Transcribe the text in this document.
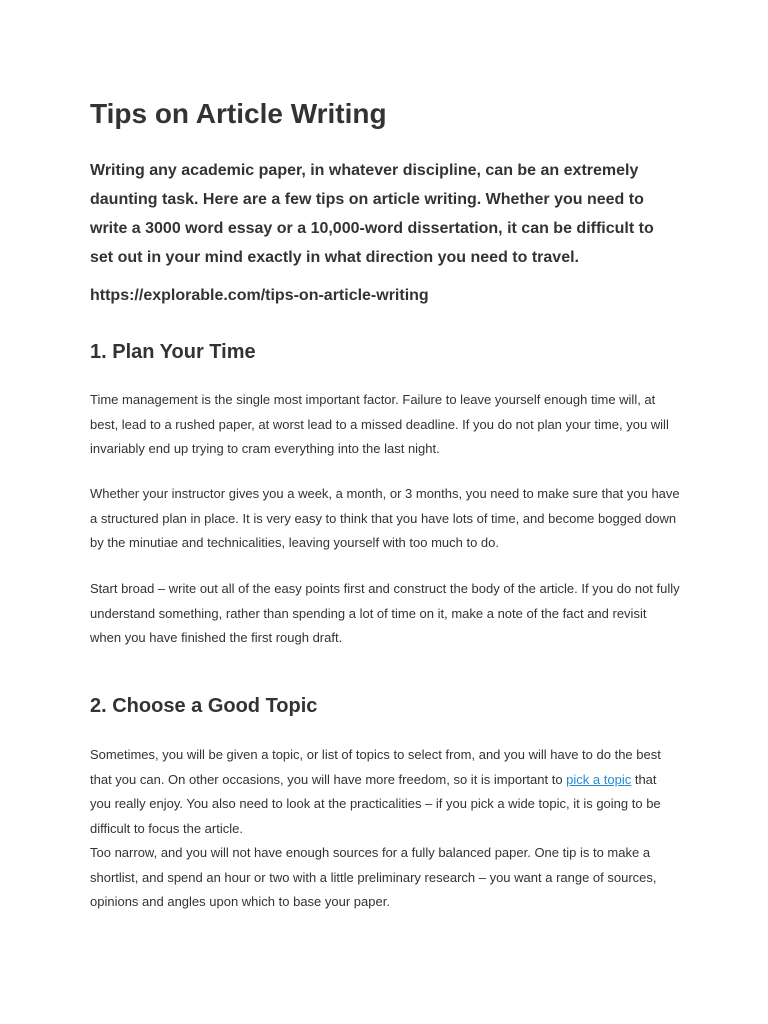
Tips on Article Writing

Writing any academic paper, in whatever discipline, can be an extremely daunting task. Here are a few tips on article writing. Whether you need to write a 3000 word essay or a 10,000-word dissertation, it can be difficult to set out in your mind exactly in what direction you need to travel.

https://explorable.com/tips-on-article-writing

1. Plan Your Time

Time management is the single most important factor. Failure to leave yourself enough time will, at best, lead to a rushed paper, at worst lead to a missed deadline. If you do not plan your time, you will invariably end up trying to cram everything into the last night.

Whether your instructor gives you a week, a month, or 3 months, you need to make sure that you have a structured plan in place. It is very easy to think that you have lots of time, and become bogged down by the minutiae and technicalities, leaving yourself with too much to do.

Start broad – write out all of the easy points first and construct the body of the article. If you do not fully understand something, rather than spending a lot of time on it, make a note of the fact and revisit when you have finished the first rough draft.

2. Choose a Good Topic

Sometimes, you will be given a topic, or list of topics to select from, and you will have to do the best that you can. On other occasions, you will have more freedom, so it is important to pick a topic that you really enjoy. You also need to look at the practicalities – if you pick a wide topic, it is going to be difficult to focus the article.

Too narrow, and you will not have enough sources for a fully balanced paper. One tip is to make a shortlist, and spend an hour or two with a little preliminary research – you want a range of sources, opinions and angles upon which to base your paper.
